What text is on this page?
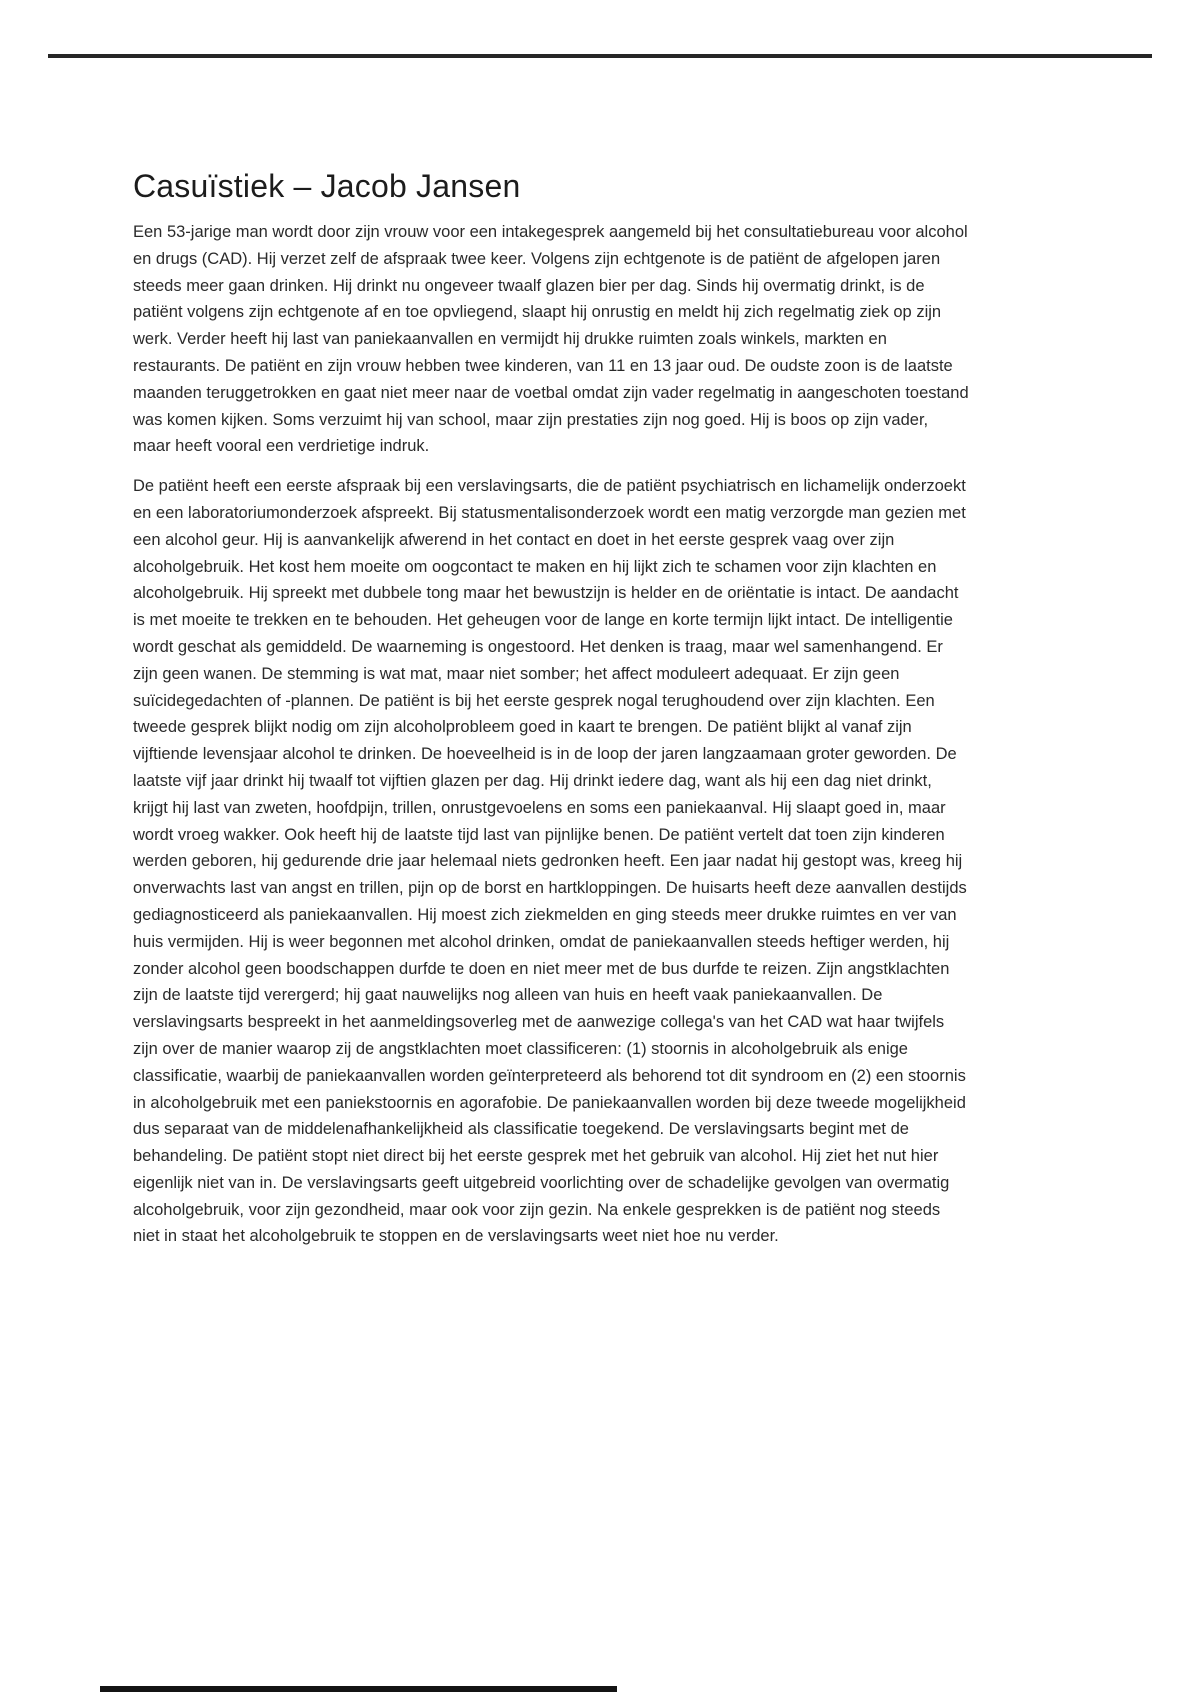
Casuïstiek – Jacob Jansen

Een 53-jarige man wordt door zijn vrouw voor een intakegesprek aangemeld bij het consultatiebureau voor alcohol en drugs (CAD). Hij verzet zelf de afspraak twee keer. Volgens zijn echtgenote is de patiënt de afgelopen jaren steeds meer gaan drinken. Hij drinkt nu ongeveer twaalf glazen bier per dag. Sinds hij overmatig drinkt, is de patiënt volgens zijn echtgenote af en toe opvliegend, slaapt hij onrustig en meldt hij zich regelmatig ziek op zijn werk. Verder heeft hij last van paniekaanvallen en vermijdt hij drukke ruimten zoals winkels, markten en restaurants. De patiënt en zijn vrouw hebben twee kinderen, van 11 en 13 jaar oud. De oudste zoon is de laatste maanden teruggetrokken en gaat niet meer naar de voetbal omdat zijn vader regelmatig in aangeschoten toestand was komen kijken. Soms verzuimt hij van school, maar zijn prestaties zijn nog goed. Hij is boos op zijn vader, maar heeft vooral een verdrietige indruk.

De patiënt heeft een eerste afspraak bij een verslavingsarts, die de patiënt psychiatrisch en lichamelijk onderzoekt en een laboratoriumonderzoek afspreekt. Bij statusmentalisonderzoek wordt een matig verzorgde man gezien met een alcohol geur. Hij is aanvankelijk afwerend in het contact en doet in het eerste gesprek vaag over zijn alcoholgebruik. Het kost hem moeite om oogcontact te maken en hij lijkt zich te schamen voor zijn klachten en alcoholgebruik. Hij spreekt met dubbele tong maar het bewustzijn is helder en de oriëntatie is intact. De aandacht is met moeite te trekken en te behouden. Het geheugen voor de lange en korte termijn lijkt intact. De intelligentie wordt geschat als gemiddeld. De waarneming is ongestoord. Het denken is traag, maar wel samenhangend. Er zijn geen wanen. De stemming is wat mat, maar niet somber; het affect moduleert adequaat. Er zijn geen suïcidegedachten of -plannen. De patiënt is bij het eerste gesprek nogal terughoudend over zijn klachten. Een tweede gesprek blijkt nodig om zijn alcoholprobleem goed in kaart te brengen. De patiënt blijkt al vanaf zijn vijftiende levensjaar alcohol te drinken. De hoeveelheid is in de loop der jaren langzaamaan groter geworden. De laatste vijf jaar drinkt hij twaalf tot vijftien glazen per dag. Hij drinkt iedere dag, want als hij een dag niet drinkt, krijgt hij last van zweten, hoofdpijn, trillen, onrustgevoelens en soms een paniekaanval. Hij slaapt goed in, maar wordt vroeg wakker. Ook heeft hij de laatste tijd last van pijnlijke benen. De patiënt vertelt dat toen zijn kinderen werden geboren, hij gedurende drie jaar helemaal niets gedronken heeft. Een jaar nadat hij gestopt was, kreeg hij onverwachts last van angst en trillen, pijn op de borst en hartkloppingen. De huisarts heeft deze aanvallen destijds gediagnosticeerd als paniekaanvallen. Hij moest zich ziekmelden en ging steeds meer drukke ruimtes en ver van huis vermijden. Hij is weer begonnen met alcohol drinken, omdat de paniekaanvallen steeds heftiger werden, hij zonder alcohol geen boodschappen durfde te doen en niet meer met de bus durfde te reizen. Zijn angstklachten zijn de laatste tijd verergerd; hij gaat nauwelijks nog alleen van huis en heeft vaak paniekaanvallen. De verslavingsarts bespreekt in het aanmeldingsoverleg met de aanwezige collega's van het CAD wat haar twijfels zijn over de manier waarop zij de angstklachten moet classificeren: (1) stoornis in alcoholgebruik als enige classificatie, waarbij de paniekaanvallen worden geïnterpreteerd als behorend tot dit syndroom en (2) een stoornis in alcoholgebruik met een paniekstoornis en agorafobie. De paniekaanvallen worden bij deze tweede mogelijkheid dus separaat van de middelenafhankelijkheid als classificatie toegekend. De verslavingsarts begint met de behandeling. De patiënt stopt niet direct bij het eerste gesprek met het gebruik van alcohol. Hij ziet het nut hier eigenlijk niet van in. De verslavingsarts geeft uitgebreid voorlichting over de schadelijke gevolgen van overmatig alcoholgebruik, voor zijn gezondheid, maar ook voor zijn gezin. Na enkele gesprekken is de patiënt nog steeds niet in staat het alcoholgebruik te stoppen en de verslavingsarts weet niet hoe nu verder.
